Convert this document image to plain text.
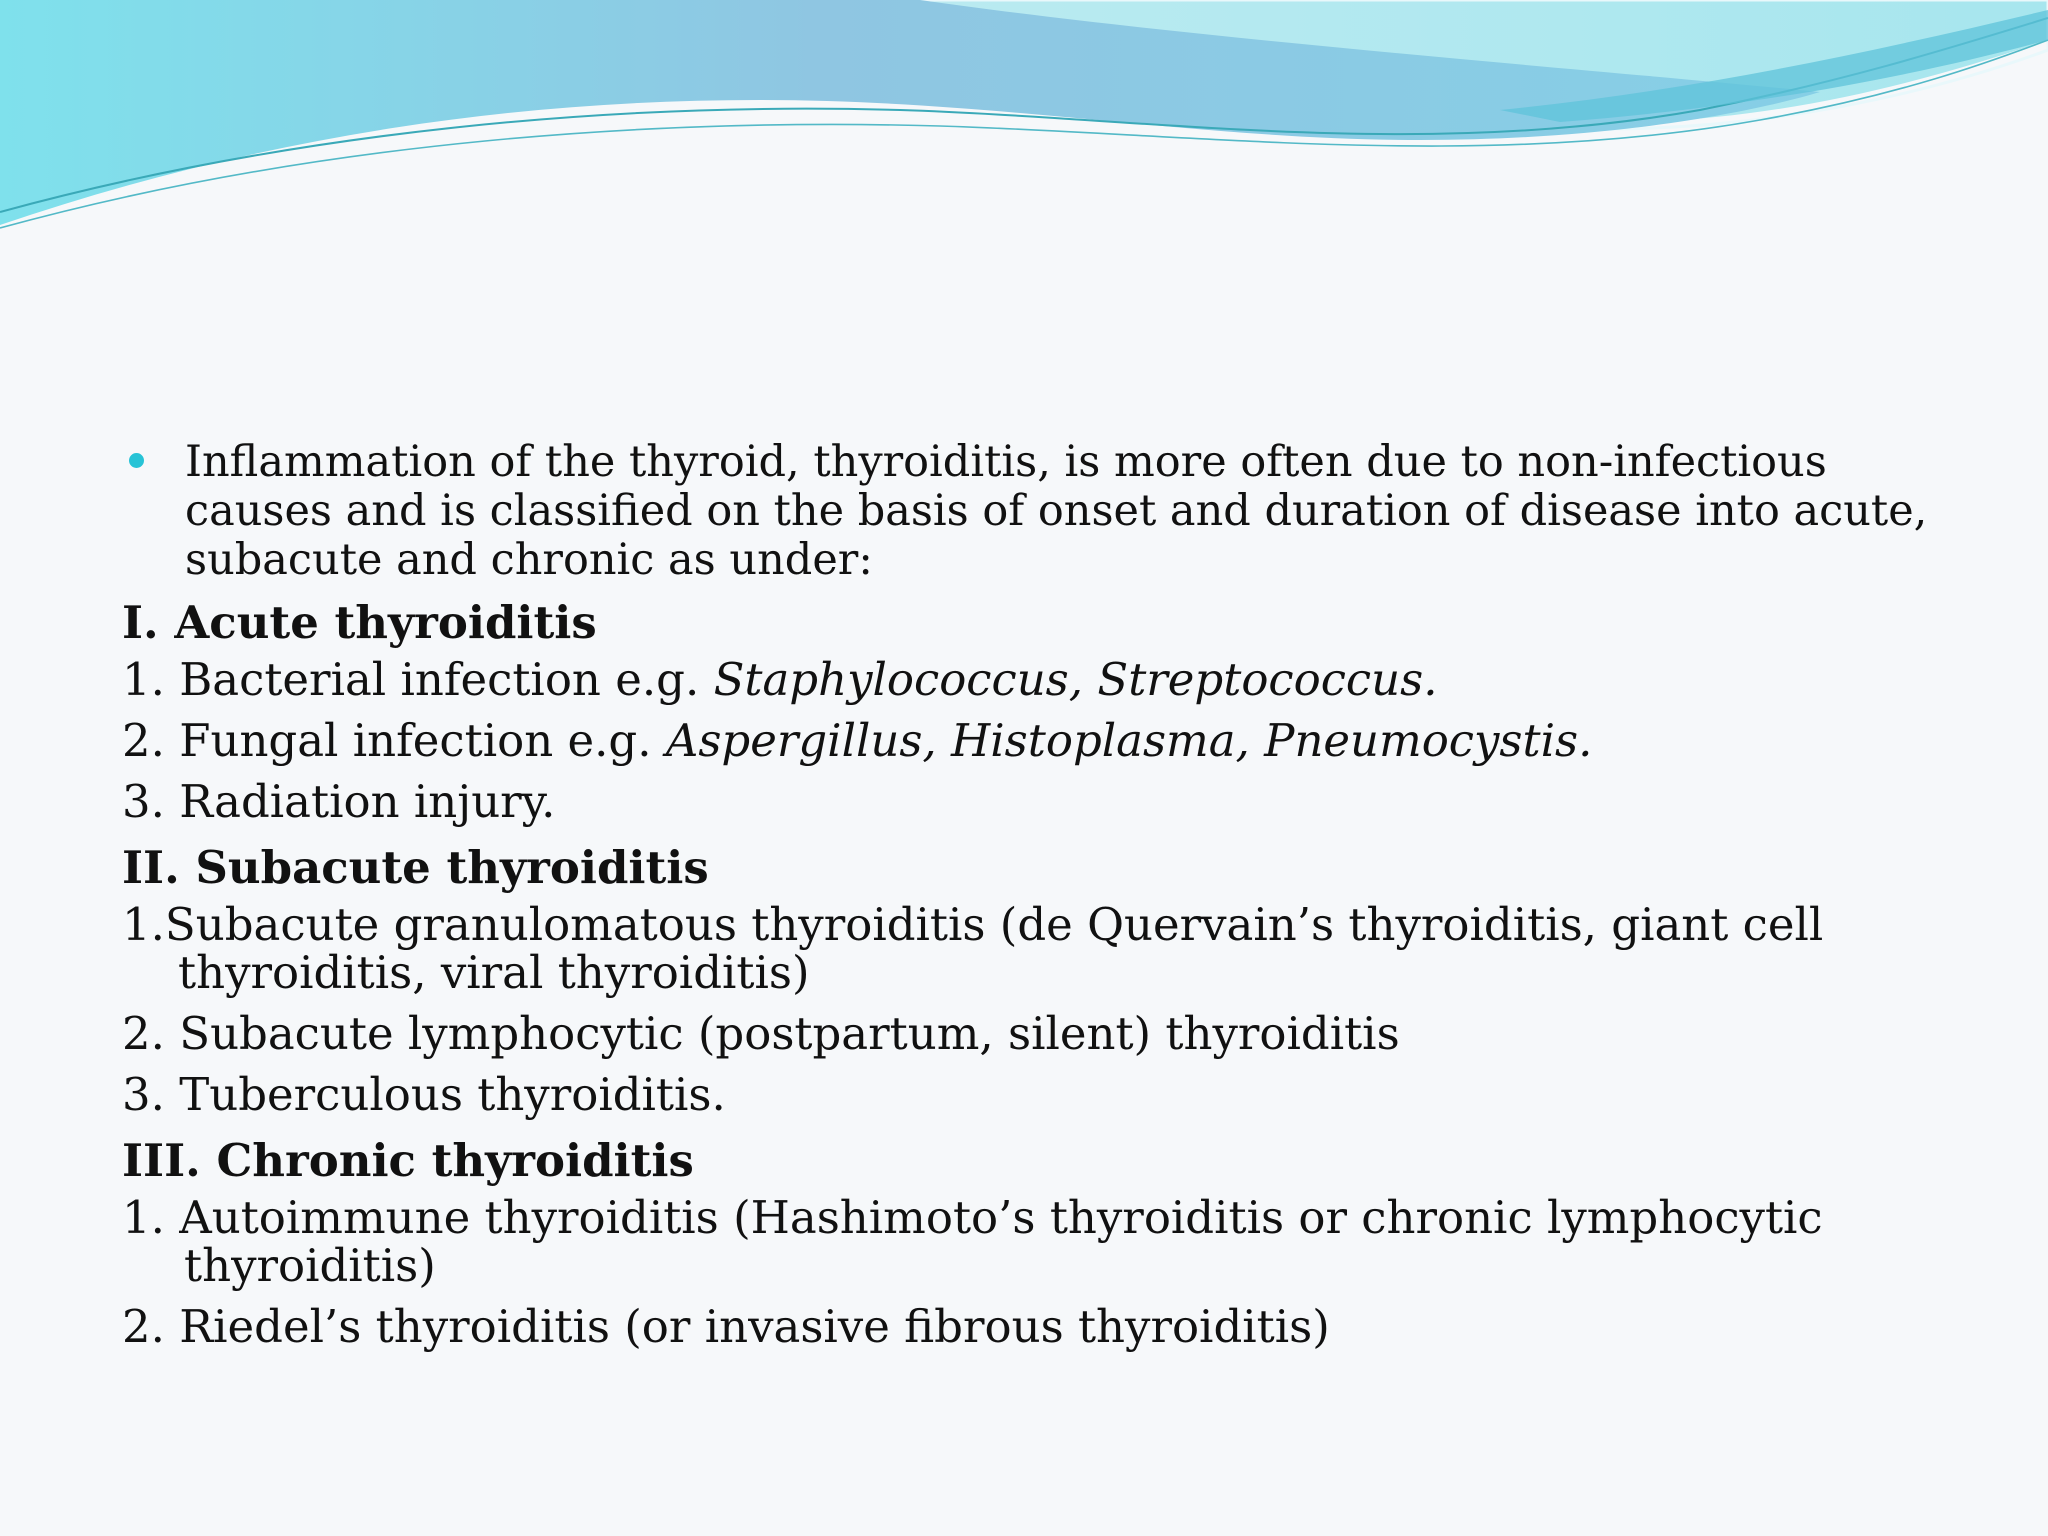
Inflammation of the thyroid, thyroiditis, is more often due to non-infectious causes and is classified on the basis of onset and duration of disease into acute, subacute and chronic as under:
I. Acute thyroiditis
1. Bacterial infection e.g. Staphylococcus, Streptococcus.
2. Fungal infection e.g. Aspergillus, Histoplasma, Pneumocystis.
3. Radiation injury.
II. Subacute thyroiditis
1.Subacute granulomatous thyroiditis (de Quervain’s thyroiditis, giant cell
thyroiditis, viral thyroiditis)
2. Subacute lymphocytic (postpartum, silent) thyroiditis
3. Tuberculous thyroiditis.
III. Chronic thyroiditis
1. Autoimmune thyroiditis (Hashimoto’s thyroiditis or chronic lymphocytic
thyroiditis)
2. Riedel’s thyroiditis (or invasive fibrous thyroiditis)
